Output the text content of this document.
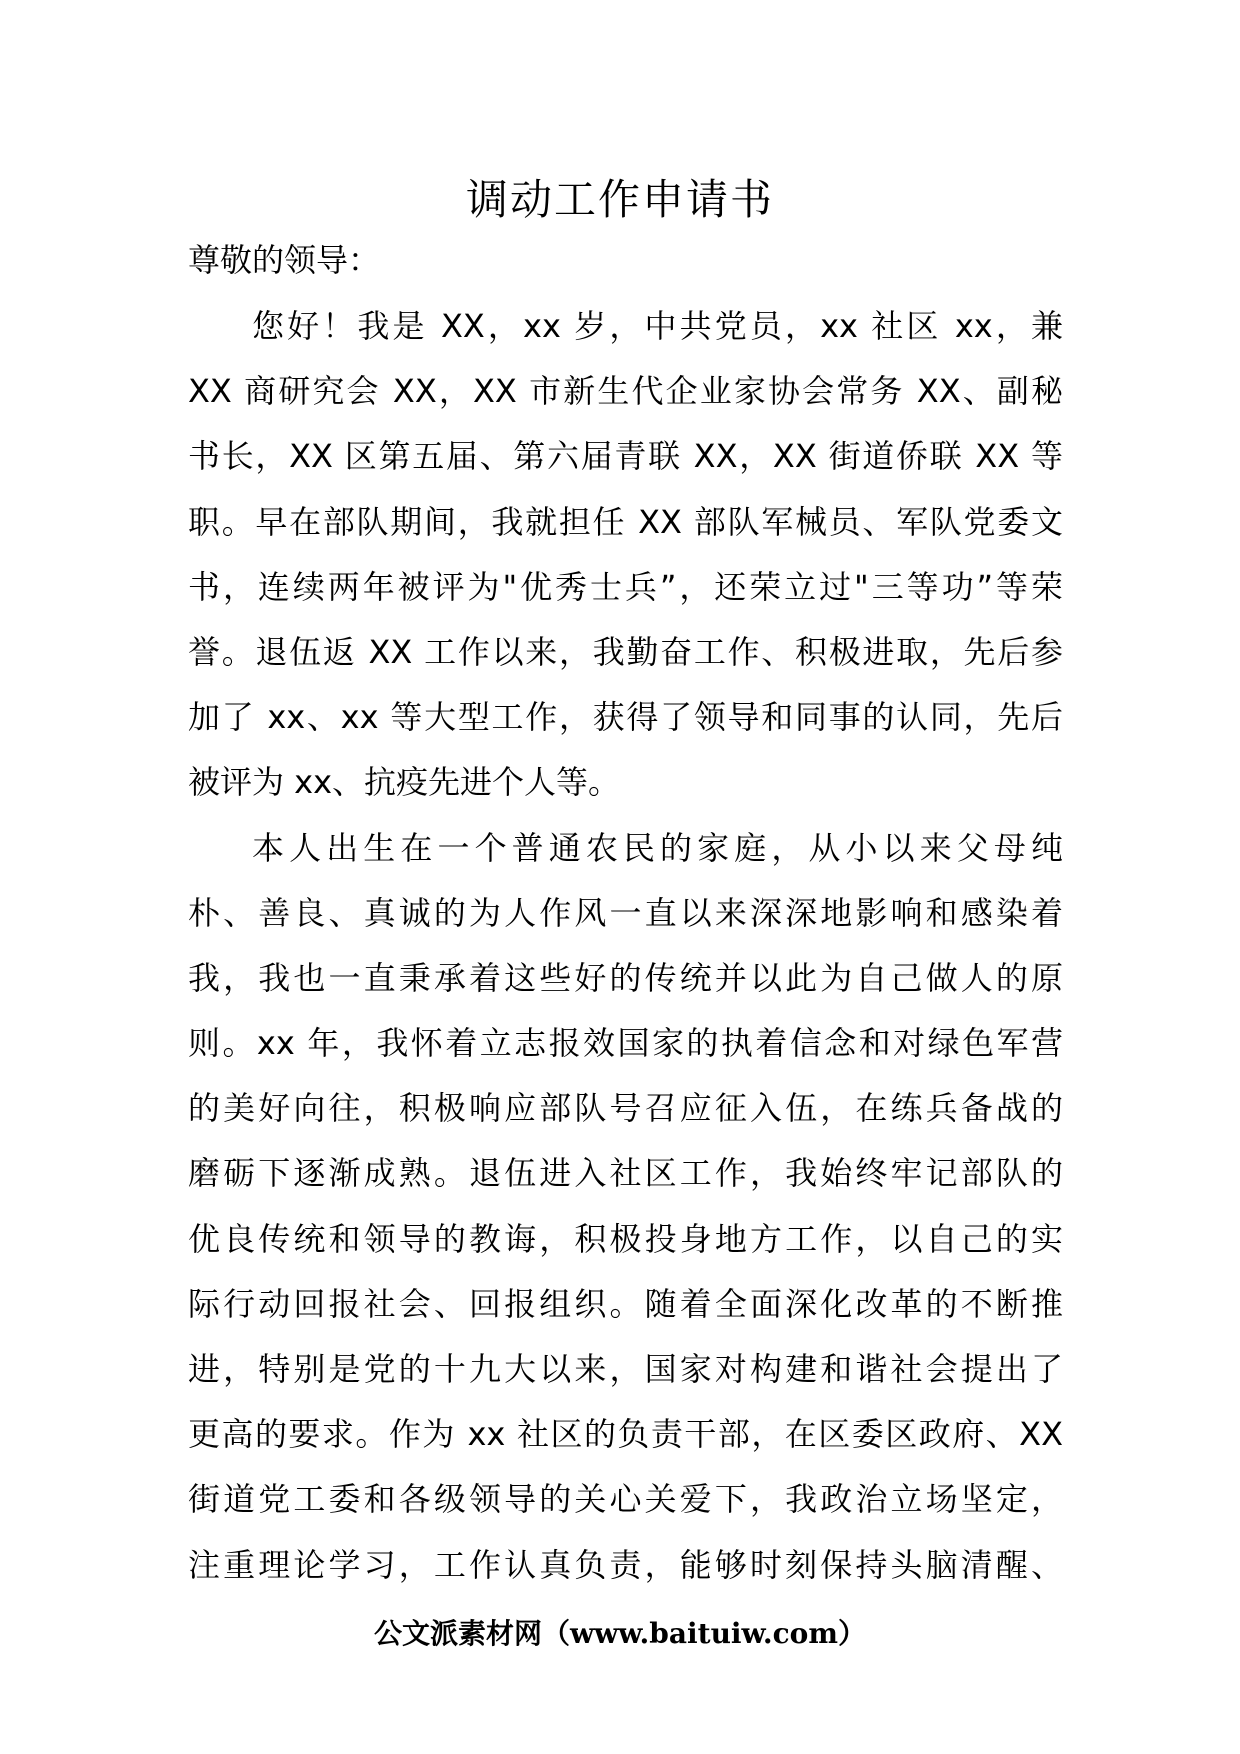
调动工作申请书
尊敬的领导：
您好！我是 XX，xx 岁，中共党员，xx 社区 xx，兼
XX 商研究会 XX，XX 市新生代企业家协会常务 XX、副秘
书长，XX 区第五届、第六届青联 XX，XX 街道侨联 XX 等
职。早在部队期间，我就担任 XX 部队军械员、军队党委文
书，连续两年被评为"优秀士兵”，还荣立过"三等功”等荣
誉。退伍返 XX 工作以来，我勤奋工作、积极进取，先后参
加了 xx、xx 等大型工作，获得了领导和同事的认同，先后
被评为 xx、抗疫先进个人等。
本人出生在一个普通农民的家庭，从小以来父母纯
朴、善良、真诚的为人作风一直以来深深地影响和感染着
我，我也一直秉承着这些好的传统并以此为自己做人的原
则。xx 年，我怀着立志报效国家的执着信念和对绿色军营
的美好向往，积极响应部队号召应征入伍，在练兵备战的
磨砺下逐渐成熟。退伍进入社区工作，我始终牢记部队的
优良传统和领导的教诲，积极投身地方工作，以自己的实
际行动回报社会、回报组织。随着全面深化改革的不断推
进，特别是党的十九大以来，国家对构建和谐社会提出了
更高的要求。作为 xx 社区的负责干部，在区委区政府、XX
街道党工委和各级领导的关心关爱下，我政治立场坚定，
注重理论学习，工作认真负责，能够时刻保持头脑清醒、
公文派素材网（www.baituiw.com）
